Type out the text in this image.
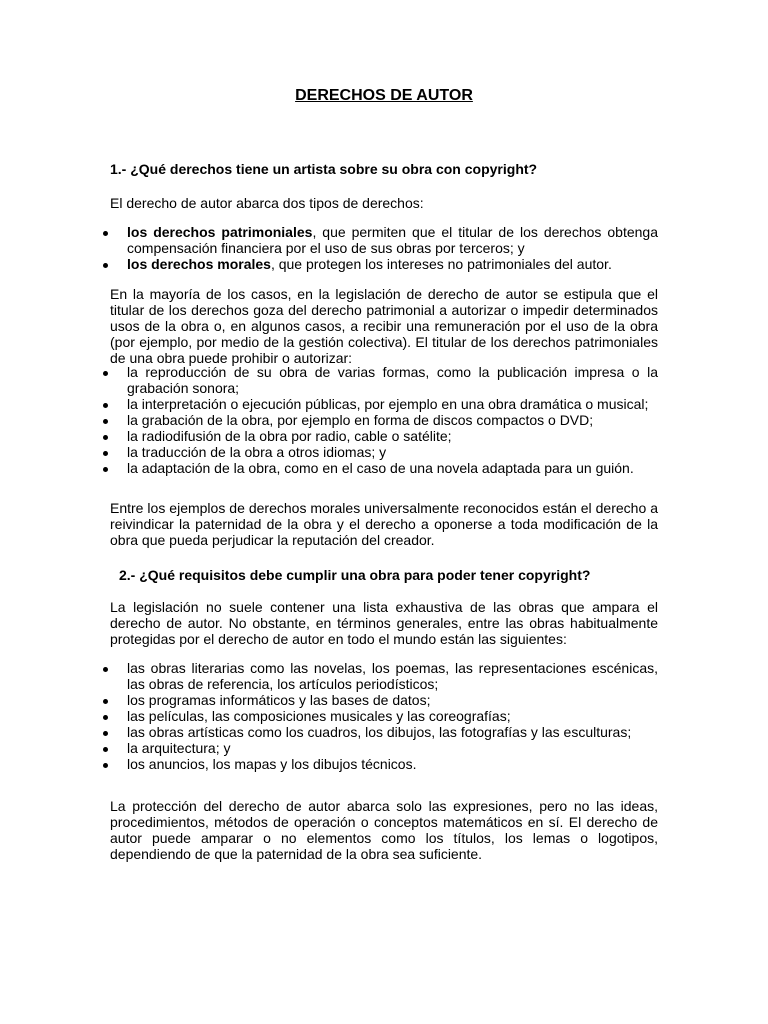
DERECHOS DE AUTOR
1.- ¿Qué derechos tiene un artista sobre su obra con copyright?
El derecho de autor abarca dos tipos de derechos:
los derechos patrimoniales, que permiten que el titular de los derechos obtenga compensación financiera por el uso de sus obras por terceros; y
los derechos morales, que protegen los intereses no patrimoniales del autor.
En la mayoría de los casos, en la legislación de derecho de autor se estipula que el titular de los derechos goza del derecho patrimonial a autorizar o impedir determinados usos de la obra o, en algunos casos, a recibir una remuneración por el uso de la obra (por ejemplo, por medio de la gestión colectiva). El titular de los derechos patrimoniales de una obra puede prohibir o autorizar:
la reproducción de su obra de varias formas, como la publicación impresa o la grabación sonora;
la interpretación o ejecución públicas, por ejemplo en una obra dramática o musical;
la grabación de la obra, por ejemplo en forma de discos compactos o DVD;
la radiodifusión de la obra por radio, cable o satélite;
la traducción de la obra a otros idiomas; y
la adaptación de la obra, como en el caso de una novela adaptada para un guión.
Entre los ejemplos de derechos morales universalmente reconocidos están el derecho a reivindicar la paternidad de la obra y el derecho a oponerse a toda modificación de la obra que pueda perjudicar la reputación del creador.
2.- ¿Qué requisitos debe cumplir una obra para poder tener copyright?
La legislación no suele contener una lista exhaustiva de las obras que ampara el derecho de autor. No obstante, en términos generales, entre las obras habitualmente protegidas por el derecho de autor en todo el mundo están las siguientes:
las obras literarias como las novelas, los poemas, las representaciones escénicas, las obras de referencia, los artículos periodísticos;
los programas informáticos y las bases de datos;
las películas, las composiciones musicales y las coreografías;
las obras artísticas como los cuadros, los dibujos, las fotografías y las esculturas;
la arquitectura; y
los anuncios, los mapas y los dibujos técnicos.
La protección del derecho de autor abarca solo las expresiones, pero no las ideas, procedimientos, métodos de operación o conceptos matemáticos en sí. El derecho de autor puede amparar o no elementos como los títulos, los lemas o logotipos, dependiendo de que la paternidad de la obra sea suficiente.
